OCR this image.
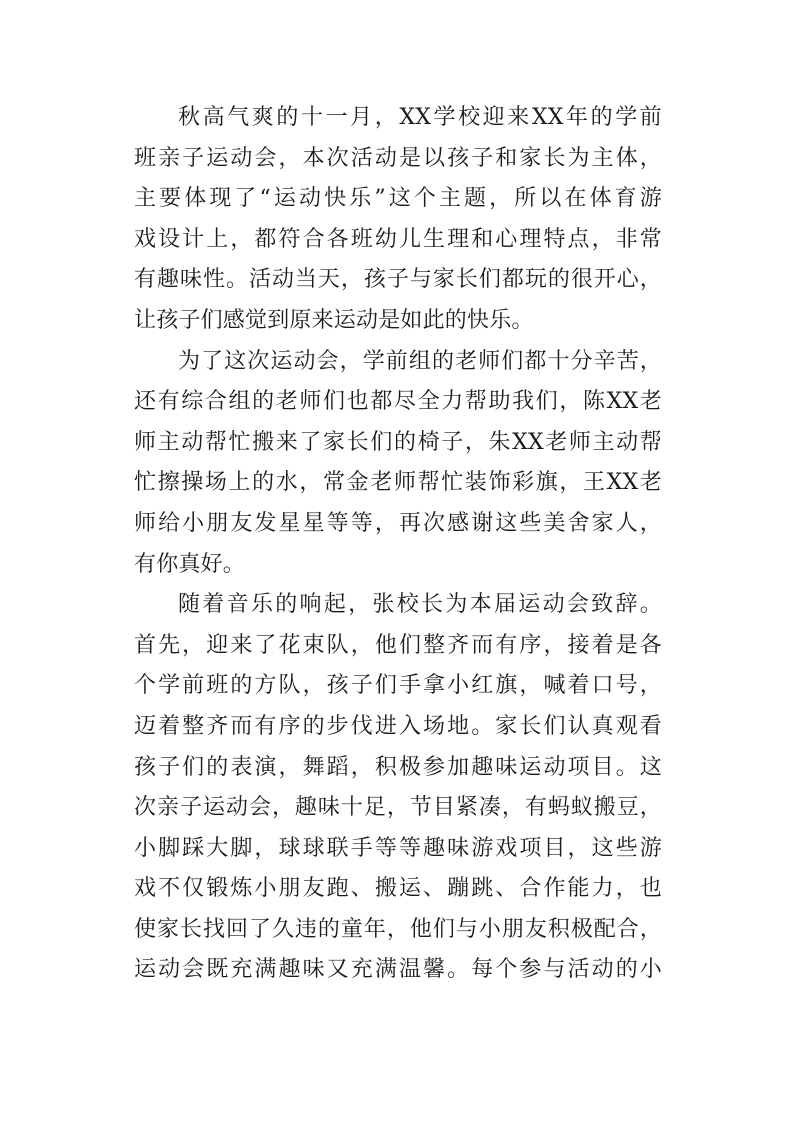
秋高气爽的十一月，XX学校迎来XX年的学前
班亲子运动会，本次活动是以孩子和家长为主体，
主要体现了“运动快乐”这个主题，所以在体育游
戏设计上，都符合各班幼儿生理和心理特点，非常
有趣味性。活动当天，孩子与家长们都玩的很开心，
让孩子们感觉到原来运动是如此的快乐。
为了这次运动会，学前组的老师们都十分辛苦，
还有综合组的老师们也都尽全力帮助我们，陈XX老
师主动帮忙搬来了家长们的椅子，朱XX老师主动帮
忙擦操场上的水，常金老师帮忙装饰彩旗，王XX老
师给小朋友发星星等等，再次感谢这些美舍家人，
有你真好。
随着音乐的响起，张校长为本届运动会致辞。
首先，迎来了花束队，他们整齐而有序，接着是各
个学前班的方队，孩子们手拿小红旗，喊着口号，
迈着整齐而有序的步伐进入场地。家长们认真观看
孩子们的表演，舞蹈，积极参加趣味运动项目。这
次亲子运动会，趣味十足，节目紧凑，有蚂蚁搬豆，
小脚踩大脚，球球联手等等趣味游戏项目，这些游
戏不仅锻炼小朋友跑、搬运、蹦跳、合作能力，也
使家长找回了久违的童年，他们与小朋友积极配合，
运动会既充满趣味又充满温馨。每个参与活动的小
